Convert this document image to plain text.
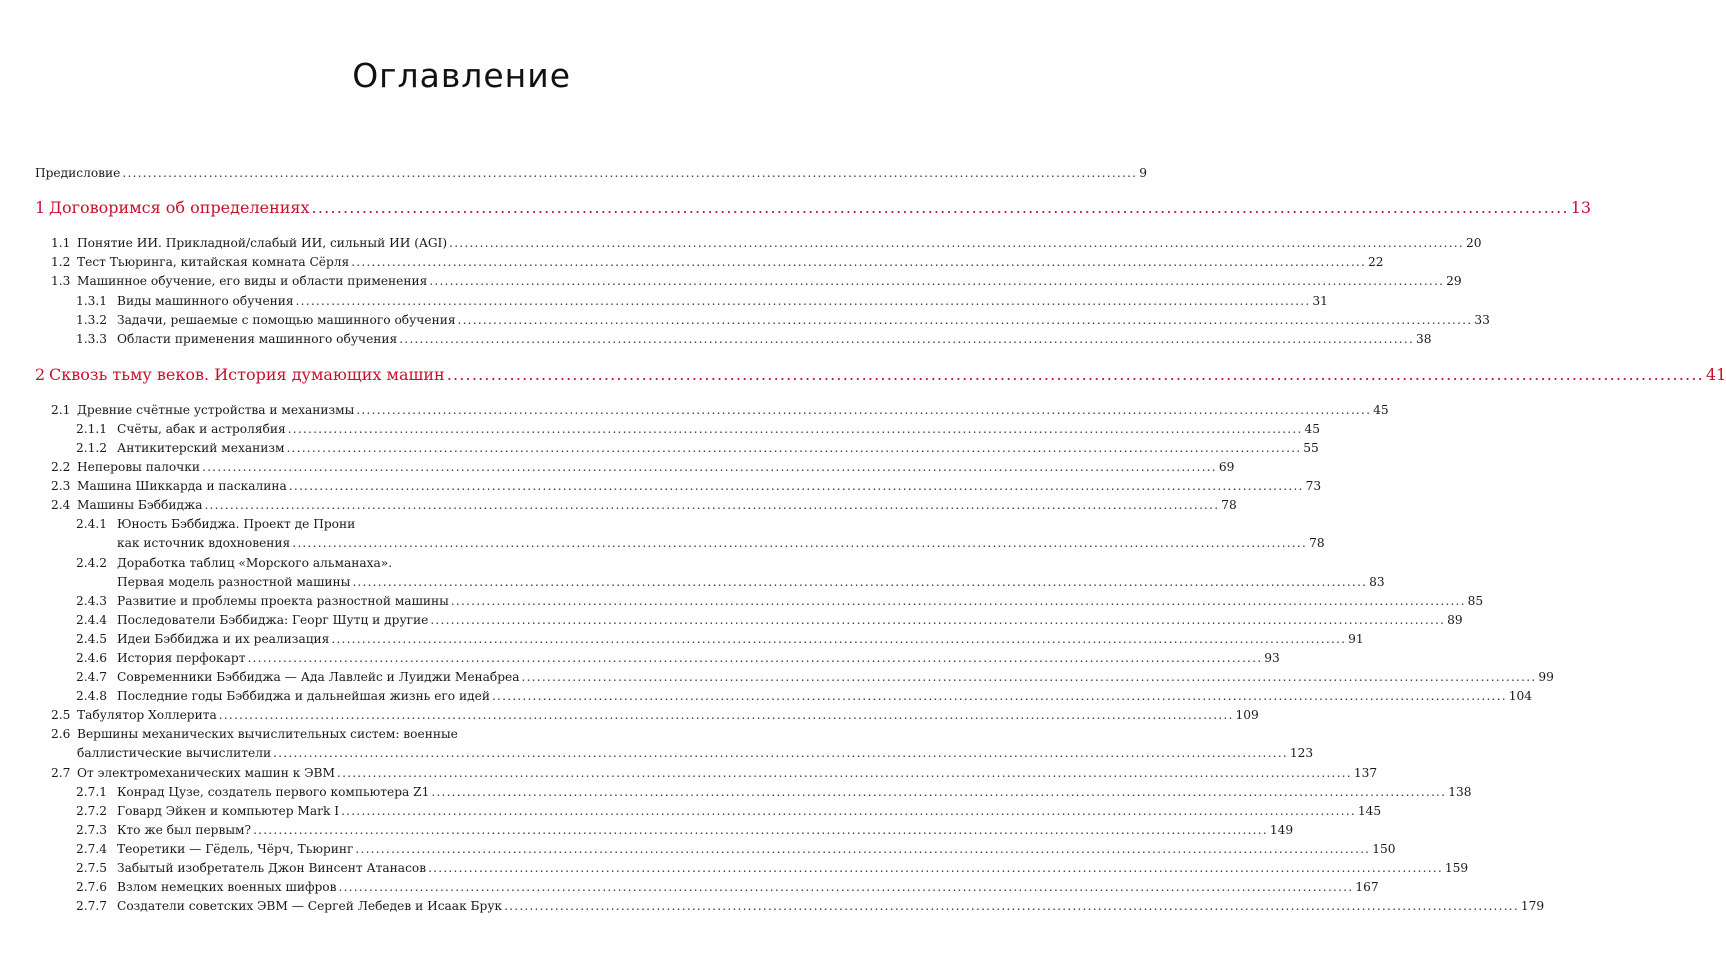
Оглавление
Предисловие ........................................................................................................................................................................................................ 9
1 Договоримся об определениях ........................................................................................................................................................................................................ 13
1.1 Понятие ИИ. Прикладной/слабый ИИ, сильный ИИ (AGI) ........................................................................................................................................................................................................ 20
1.2 Тест Тьюринга, китайская комната Сёрля ........................................................................................................................................................................................................ 22
1.3 Машинное обучение, его виды и области применения ........................................................................................................................................................................................................ 29
1.3.1 Виды машинного обучения ........................................................................................................................................................................................................ 31
1.3.2 Задачи, решаемые с помощью машинного обучения ........................................................................................................................................................................................................ 33
1.3.3 Области применения машинного обучения ........................................................................................................................................................................................................ 38
2 Сквозь тьму веков. История думающих машин ........................................................................................................................................................................................................ 41
2.1 Древние счётные устройства и механизмы ........................................................................................................................................................................................................ 45
2.1.1 Счёты, абак и астролябия ........................................................................................................................................................................................................ 45
2.1.2 Антикитерский механизм ........................................................................................................................................................................................................ 55
2.2 Неперовы палочки ........................................................................................................................................................................................................ 69
2.3 Машина Шиккарда и паскалина ........................................................................................................................................................................................................ 73
2.4 Машины Бэббиджа ........................................................................................................................................................................................................ 78
2.4.1 Юность Бэббиджа. Проект де Прони
как источник вдохновения ........................................................................................................................................................................................................ 78
2.4.2 Доработка таблиц «Морского альманаха».
Первая модель разностной машины ........................................................................................................................................................................................................ 83
2.4.3 Развитие и проблемы проекта разностной машины ........................................................................................................................................................................................................ 85
2.4.4 Последователи Бэббиджа: Георг Шутц и другие ........................................................................................................................................................................................................ 89
2.4.5 Идеи Бэббиджа и их реализация ........................................................................................................................................................................................................ 91
2.4.6 История перфокарт ........................................................................................................................................................................................................ 93
2.4.7 Современники Бэббиджа — Ада Лавлейс и Луиджи Менабреа ........................................................................................................................................................................................................ 99
2.4.8 Последние годы Бэббиджа и дальнейшая жизнь его идей ........................................................................................................................................................................................................ 104
2.5 Табулятор Холлерита ........................................................................................................................................................................................................ 109
2.6 Вершины механических вычислительных систем: военные
баллистические вычислители ........................................................................................................................................................................................................ 123
2.7 От электромеханических машин к ЭВМ ........................................................................................................................................................................................................ 137
2.7.1 Конрад Цузе, создатель первого компьютера Z1 ........................................................................................................................................................................................................ 138
2.7.2 Говард Эйкен и компьютер Mark I ........................................................................................................................................................................................................ 145
2.7.3 Кто же был первым? ........................................................................................................................................................................................................ 149
2.7.4 Теоретики — Гёдель, Чёрч, Тьюринг ........................................................................................................................................................................................................ 150
2.7.5 Забытый изобретатель Джон Винсент Атанасов ........................................................................................................................................................................................................ 159
2.7.6 Взлом немецких военных шифров ........................................................................................................................................................................................................ 167
2.7.7 Создатели советских ЭВМ — Сергей Лебедев и Исаак Брук ........................................................................................................................................................................................................ 179
